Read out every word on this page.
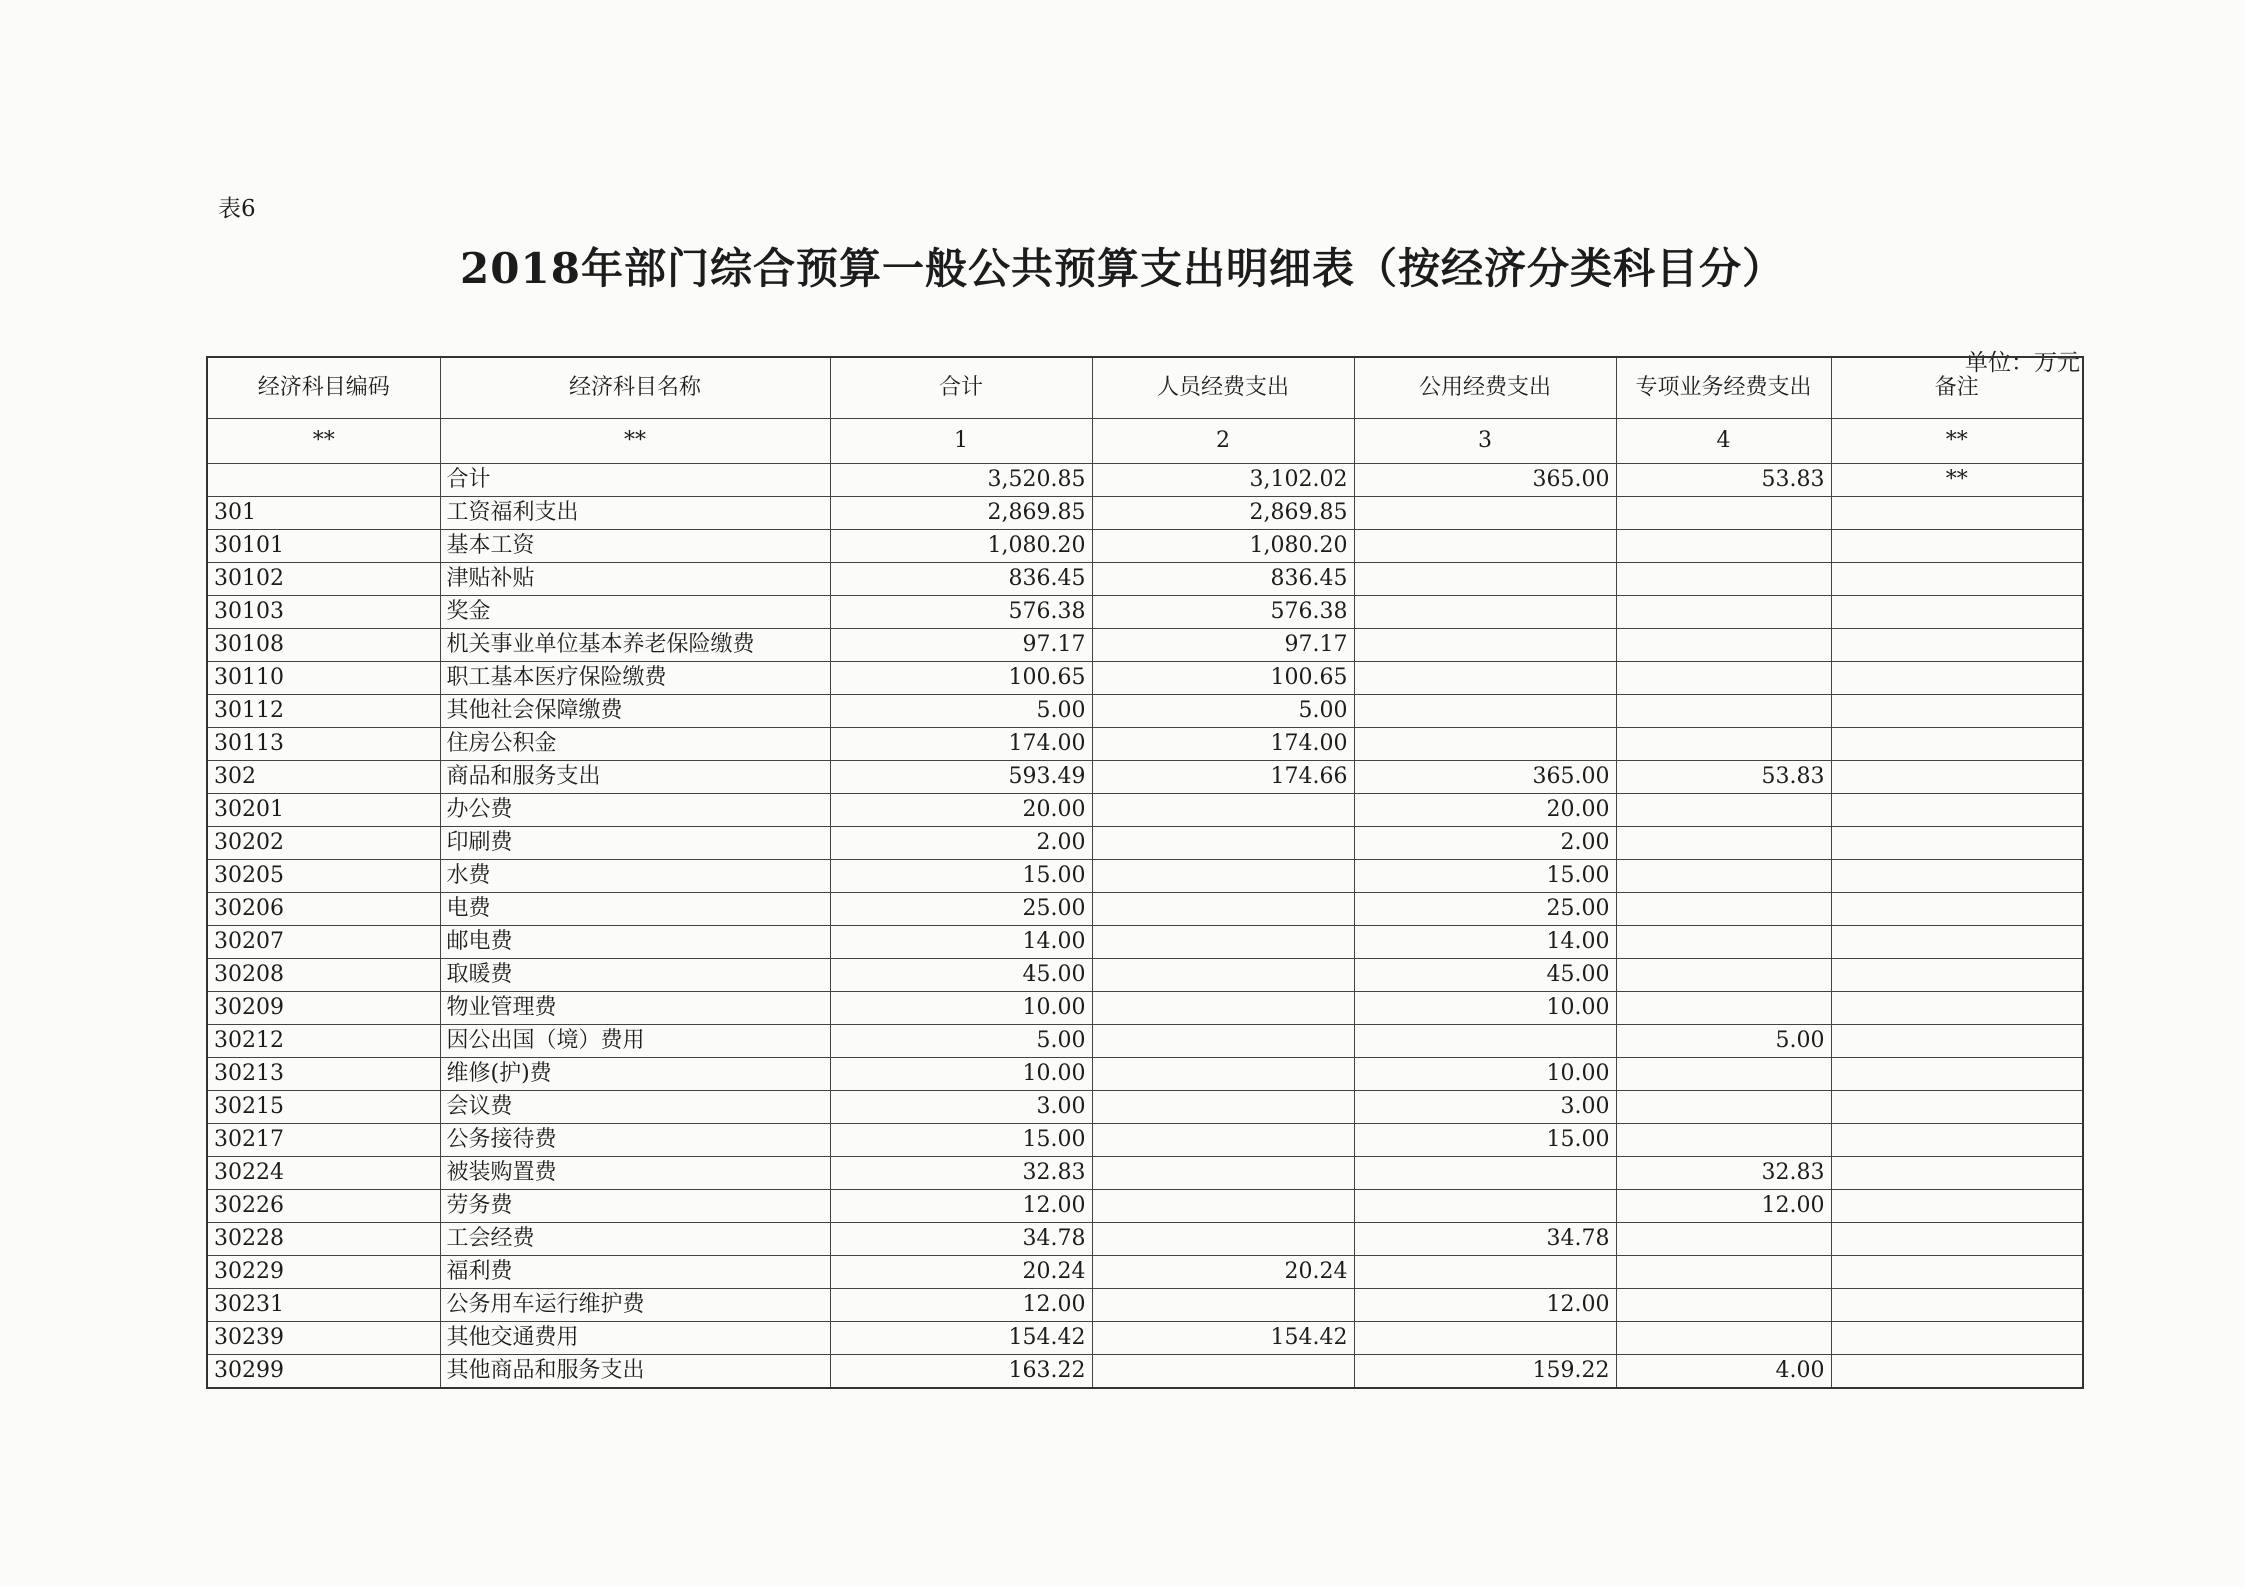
表6
2018年部门综合预算一般公共预算支出明细表（按经济分类科目分）
单位：万元
经济科目编码	经济科目名称	合计	人员经费支出	公用经费支出	专项业务经费支出	备注
**	**	1	2	3	4	**
	合计	3,520.85	3,102.02	365.00	53.83	**
301	工资福利支出	2,869.85	2,869.85			
30101	基本工资	1,080.20	1,080.20			
30102	津贴补贴	836.45	836.45			
30103	奖金	576.38	576.38			
30108	机关事业单位基本养老保险缴费	97.17	97.17			
30110	职工基本医疗保险缴费	100.65	100.65			
30112	其他社会保障缴费	5.00	5.00			
30113	住房公积金	174.00	174.00			
302	商品和服务支出	593.49	174.66	365.00	53.83	
30201	办公费	20.00		20.00		
30202	印刷费	2.00		2.00		
30205	水费	15.00		15.00		
30206	电费	25.00		25.00		
30207	邮电费	14.00		14.00		
30208	取暖费	45.00		45.00		
30209	物业管理费	10.00		10.00		
30212	因公出国（境）费用	5.00			5.00	
30213	维修(护)费	10.00		10.00		
30215	会议费	3.00		3.00		
30217	公务接待费	15.00		15.00		
30224	被装购置费	32.83			32.83	
30226	劳务费	12.00			12.00	
30228	工会经费	34.78		34.78		
30229	福利费	20.24	20.24			
30231	公务用车运行维护费	12.00		12.00		
30239	其他交通费用	154.42	154.42			
30299	其他商品和服务支出	163.22		159.22	4.00	
